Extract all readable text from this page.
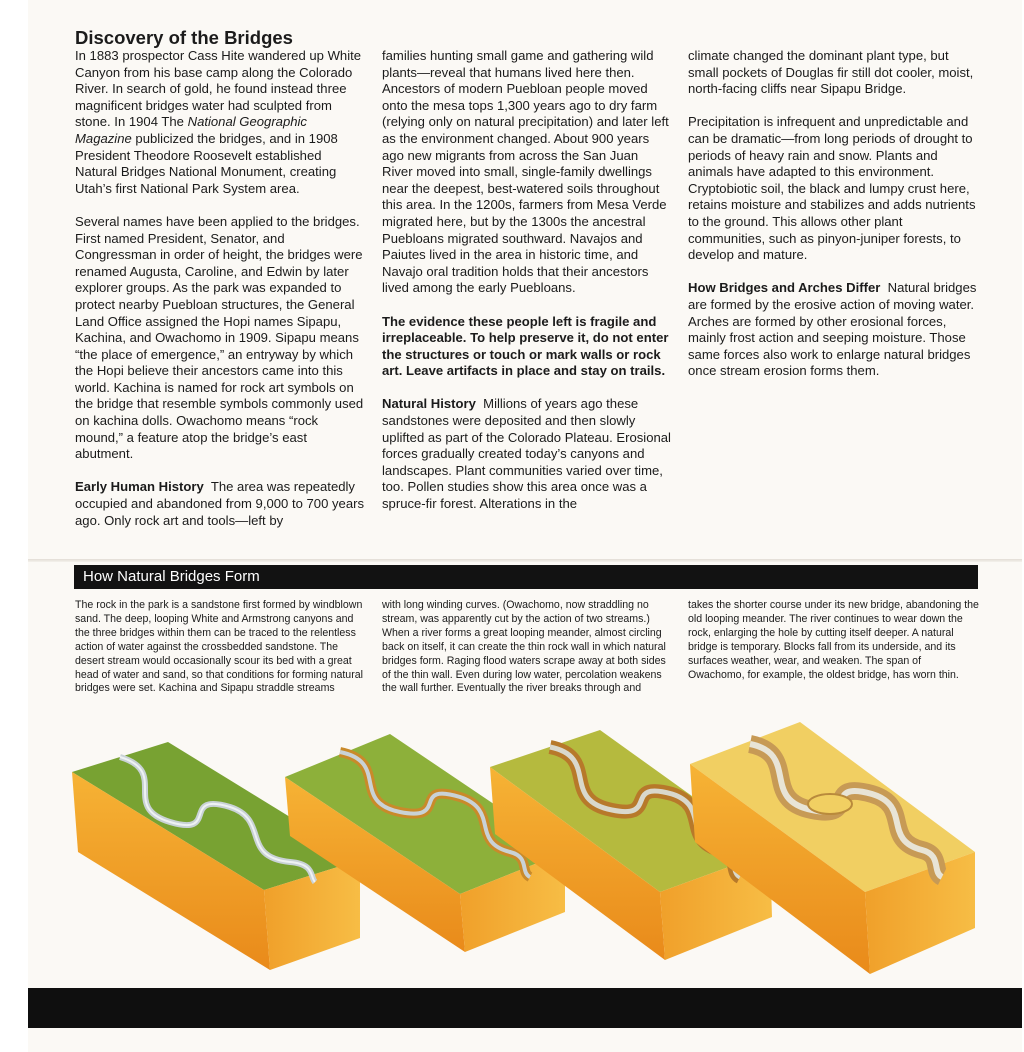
Discovery of the Bridges

In 1883 prospector Cass Hite wandered up White Canyon from his base camp along the Colorado River. In search of gold, he found instead three magnificent bridges water had sculpted from stone. In 1904 The National Geographic Magazine publicized the bridges, and in 1908 President Theodore Roosevelt established Natural Bridges National Monument, creating Utah’s first National Park System area.

Several names have been applied to the bridges. First named President, Senator, and Congressman in order of height, the bridges were renamed Augusta, Caroline, and Edwin by later explorer groups. As the park was expanded to protect nearby Puebloan structures, the General Land Office assigned the Hopi names Sipapu, Kachina, and Owachomo in 1909. Sipapu means “the place of emergence,” an entryway by which the Hopi believe their ancestors came into this world. Kachina is named for rock art symbols on the bridge that resemble symbols commonly used on kachina dolls. Owachomo means “rock mound,” a feature atop the bridge’s east abutment.

Early Human History The area was repeatedly occupied and abandoned from 9,000 to 700 years ago. Only rock art and tools—left by

families hunting small game and gathering wild plants—reveal that humans lived here then. Ancestors of modern Puebloan people moved onto the mesa tops 1,300 years ago to dry farm (relying only on natural precipitation) and later left as the environment changed. About 900 years ago new migrants from across the San Juan River moved into small, single-family dwellings near the deepest, best-watered soils throughout this area. In the 1200s, farmers from Mesa Verde migrated here, but by the 1300s the ancestral Puebloans migrated southward. Navajos and Paiutes lived in the area in historic time, and Navajo oral tradition holds that their ancestors lived among the early Puebloans.

The evidence these people left is fragile and irreplaceable. To help preserve it, do not enter the structures or touch or mark walls or rock art. Leave artifacts in place and stay on trails.

Natural History Millions of years ago these sandstones were deposited and then slowly uplifted as part of the Colorado Plateau. Erosional forces gradually created today’s canyons and landscapes. Plant communities varied over time, too. Pollen studies show this area once was a spruce-fir forest. Alterations in the

climate changed the dominant plant type, but small pockets of Douglas fir still dot cooler, moist, north-facing cliffs near Sipapu Bridge.

Precipitation is infrequent and unpredictable and can be dramatic—from long periods of drought to periods of heavy rain and snow. Plants and animals have adapted to this environment. Cryptobiotic soil, the black and lumpy crust here, retains moisture and stabilizes and adds nutrients to the ground. This allows other plant communities, such as pinyon-juniper forests, to develop and mature.

How Bridges and Arches Differ Natural bridges are formed by the erosive action of moving water. Arches are formed by other erosional forces, mainly frost action and seeping moisture. Those same forces also work to enlarge natural bridges once stream erosion forms them.

How Natural Bridges Form

The rock in the park is a sandstone first formed by windblown sand. The deep, looping White and Armstrong canyons and the three bridges within them can be traced to the relentless action of water against the crossbedded sandstone. The desert stream would occasionally scour its bed with a great head of water and sand, so that conditions for forming natural bridges were set. Kachina and Sipapu straddle streams

with long winding curves. (Owachomo, now straddling no stream, was apparently cut by the action of two streams.) When a river forms a great looping meander, almost circling back on itself, it can create the thin rock wall in which natural bridges form. Raging flood waters scrape away at both sides of the thin wall. Even during low water, percolation weakens the wall further. Eventually the river breaks through and

takes the shorter course under its new bridge, abandoning the old looping meander. The river continues to wear down the rock, enlarging the hole by cutting itself deeper. A natural bridge is temporary. Blocks fall from its underside, and its surfaces weather, wear, and weaken. The span of Owachomo, for example, the oldest bridge, has worn thin.
